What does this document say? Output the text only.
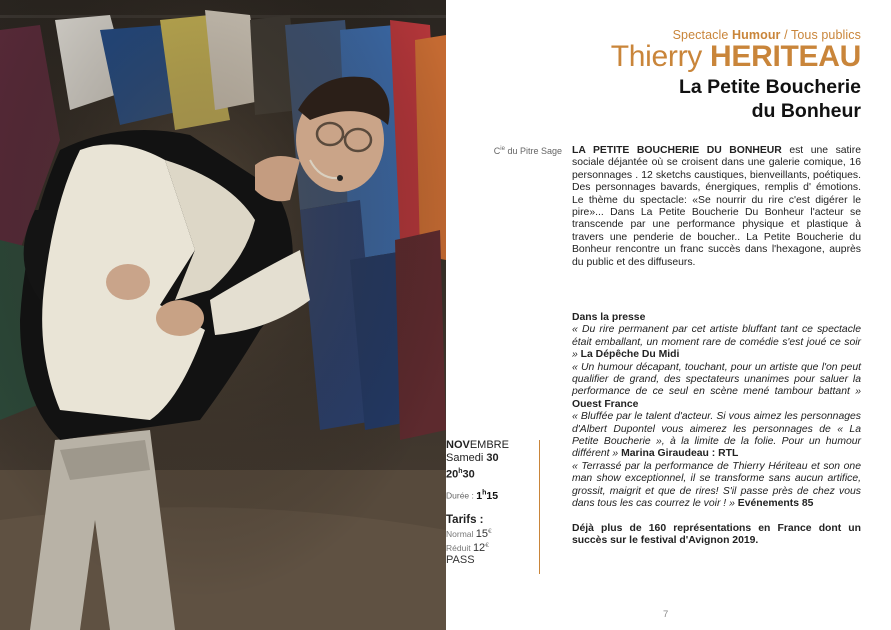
Spectacle Humour / Tous publics
Thierry HERITEAU
La Petite Boucherie
du Bonheur
$C^{ie}$ du Pitre Sage LA PETITE BOUCHERIE DU BONHEUR est une satire sociale déjantée où se croisent dans une galerie comique, 16 personnages . 12 sketchs caustiques, bienveillants, poétiques. Des personnages bavards, énergiques, remplis d' émotions. Le thème du spectacle: «Se nourrir du rire c'est digérer le pire»... Dans La Petite Boucherie Du Bonheur l'acteur se transcende par une performance physique et plastique à travers une penderie de boucher.. La Petite Boucherie du Bonheur rencontre un franc succès dans l'hexagone, auprès du public et des diffuseurs.
Dans la presse
« Du rire permanent par cet artiste bluffant tant ce spectacle était emballant, un moment rare de comédie s'est joué ce soir » La Dépêche Du Midi
« Un humour décapant, touchant, pour un artiste que l'on peut qualifier de grand, des spectateurs unanimes pour saluer la performance de ce seul en scène mené tambour battant » Ouest France
« Bluffée par le talent d'acteur. Si vous aimez les personnages d'Albert Dupontel vous aimerez les personnages de « La Petite Boucherie », à la limite de la folie. Pour un humour différent » Marina Giraudeau : RTL
« Terrassé par la performance de Thierry Hériteau et son one man show exceptionnel, il se transforme sans aucun artifice, grossit, maigrit et que de rires! S'il passe près de chez vous dans tous les cas courrez le voir ! » Evénements 85
Déjà plus de 160 représentations en France dont un succès sur le festival d'Avignon 2019.
NOVEMBRE
Samedi 30
20$^h$30
Durée : 1$^h$15
Tarifs :
Normal 15€
Réduit 12€
PASS
7
